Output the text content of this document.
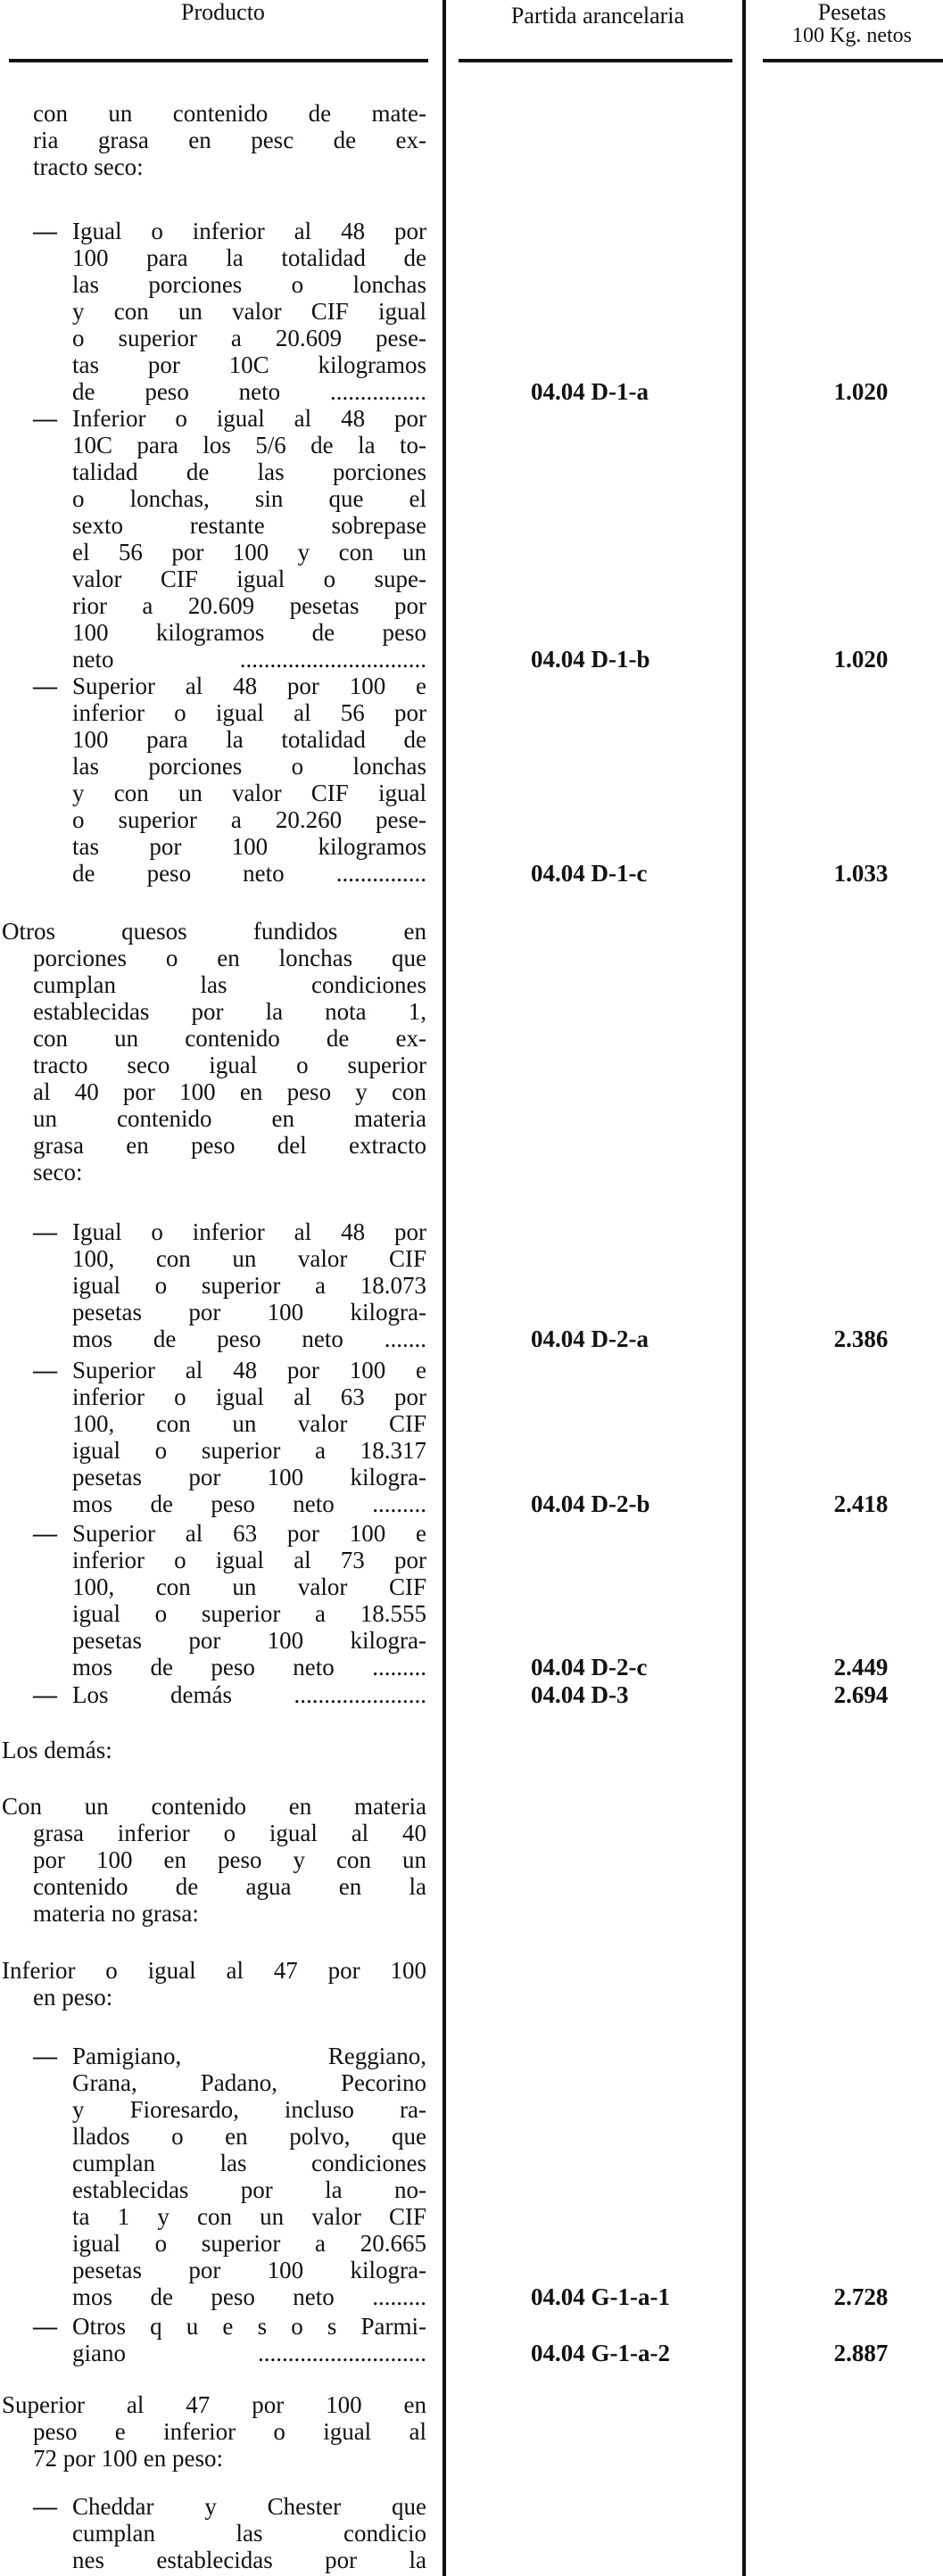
Producto	Partida arancelaria	Pesetas
100 Kg. netos
con un contenido de mate-
ria grasa en pesc de ex-
tracto seco:
Igual o inferior al 48 por
100 para la totalidad de
las porciones o lonchas
y con un valor CIF igual
o superior a 20.609 pese-
tas por 10C kilogramos
de peso neto ................
—
04.04 D-1-a	1.020
Inferior o igual al 48 por
10C para los 5/6 de la to-
talidad de las porciones
o lonchas, sin que el
sexto restante sobrepase
el 56 por 100 y con un
valor CIF igual o supe-
rior a 20.609 pesetas por
100 kilogramos de peso
neto ...............................
—
04.04 D-1-b	1.020
Superior al 48 por 100 e
inferior o igual al 56 por
100 para la totalidad de
las porciones o lonchas
y con un valor CIF igual
o superior a 20.260 pese-
tas por 100 kilogramos
de peso neto ...............
—
04.04 D-1-c	1.033
Otros quesos fundidos en
porciones o en lonchas que
cumplan las condiciones
establecidas por la nota 1,
con un contenido de ex-
tracto seco igual o superior
al 40 por 100 en peso y con
un contenido en materia
grasa en peso del extracto
seco:
Igual o inferior al 48 por
100, con un valor CIF
igual o superior a 18.073
pesetas por 100 kilogra-
mos de peso neto .......
—
04.04 D-2-a	2.386
Superior al 48 por 100 e
inferior o igual al 63 por
100, con un valor CIF
igual o superior a 18.317
pesetas por 100 kilogra-
mos de peso neto .........
—
04.04 D-2-b	2.418
Superior al 63 por 100 e
inferior o igual al 73 por
100, con un valor CIF
igual o superior a 18.555
pesetas por 100 kilogra-
mos de peso neto .........
—
04.04 D-2-c	2.449
Los demás ......................
—	04.04 D-3	2.694
Los demás:
Con un contenido en materia
grasa inferior o igual al 40
por 100 en peso y con un
contenido de agua en la
materia no grasa:
Inferior o igual al 47 por 100
en peso:
Pamigiano, Reggiano,
Grana, Padano, Pecorino
y Fioresardo, incluso ra-
llados o en polvo, que
cumplan las condiciones
establecidas por la no-
ta 1 y con un valor CIF
igual o superior a 20.665
pesetas por 100 kilogra-
mos de peso neto .........
—
04.04 G-1-a-1	2.728
Otros q u e s o s Parmi-
giano ............................
—
04.04 G-1-a-2	2.887
Superior al 47 por 100 en
peso e inferior o igual al
72 por 100 en peso:
Cheddar y Chester que
cumplan las condicio
nes establecidas por la
—
